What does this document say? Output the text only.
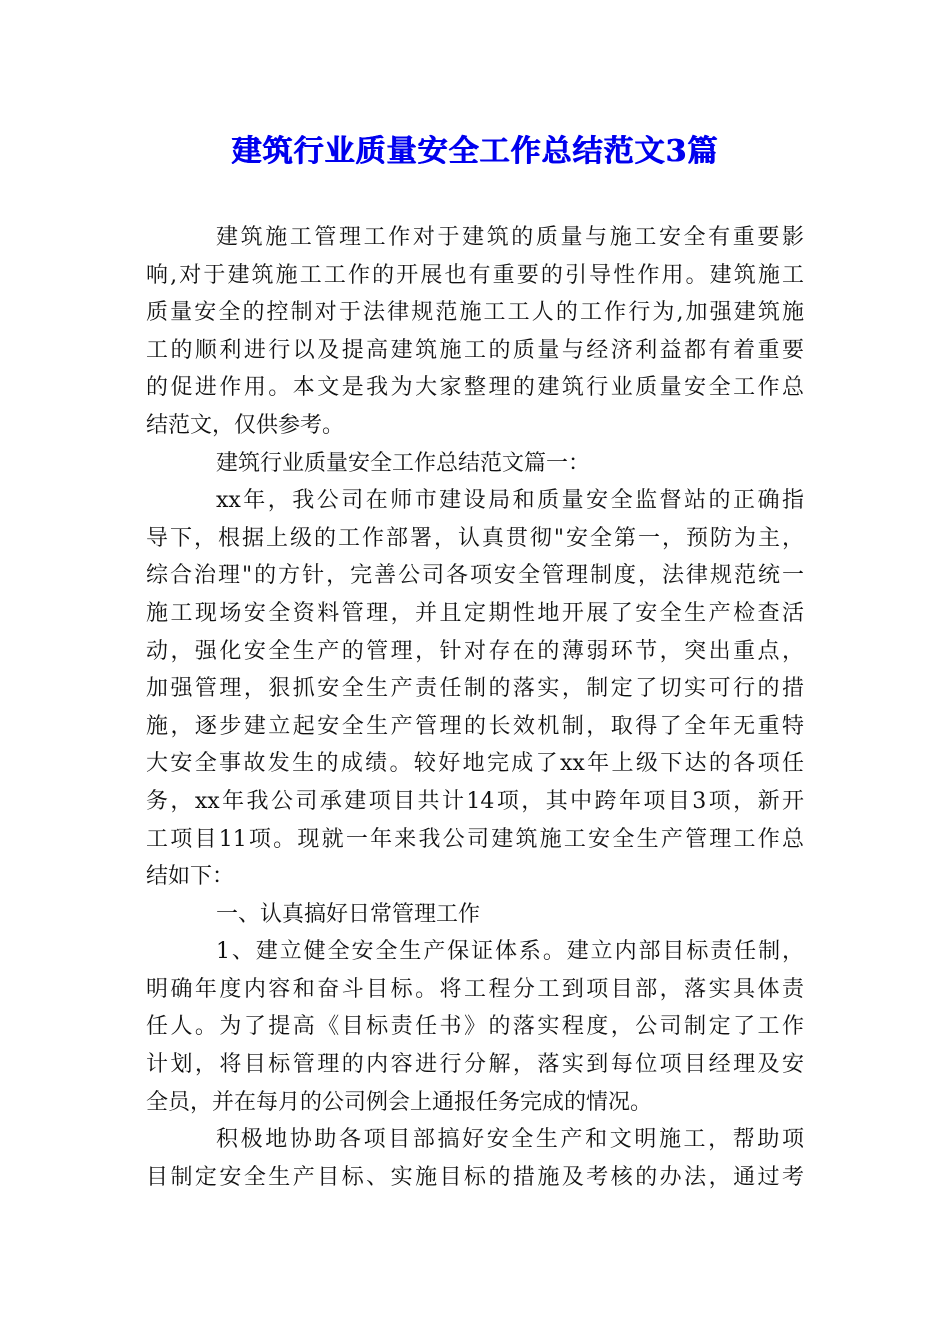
建筑行业质量安全工作总结范文3篇
建筑施工管理工作对于建筑的质量与施工安全有重要影
响,对于建筑施工工作的开展也有重要的引导性作用。建筑施工
质量安全的控制对于法律规范施工工人的工作行为,加强建筑施
工的顺利进行以及提高建筑施工的质量与经济利益都有着重要
的促进作用。本文是我为大家整理的建筑行业质量安全工作总
结范文，仅供参考。
建筑行业质量安全工作总结范文篇一：
xx年，我公司在师市建设局和质量安全监督站的正确指
导下，根据上级的工作部署，认真贯彻"安全第一，预防为主，
综合治理"的方针，完善公司各项安全管理制度，法律规范统一
施工现场安全资料管理，并且定期性地开展了安全生产检查活
动，强化安全生产的管理，针对存在的薄弱环节，突出重点，
加强管理，狠抓安全生产责任制的落实，制定了切实可行的措
施，逐步建立起安全生产管理的长效机制，取得了全年无重特
大安全事故发生的成绩。较好地完成了xx年上级下达的各项任
务，xx年我公司承建项目共计14项，其中跨年项目3项，新开
工项目11项。现就一年来我公司建筑施工安全生产管理工作总
结如下：
一、认真搞好日常管理工作
1、建立健全安全生产保证体系。建立内部目标责任制，
明确年度内容和奋斗目标。将工程分工到项目部，落实具体责
任人。为了提高《目标责任书》的落实程度，公司制定了工作
计划，将目标管理的内容进行分解，落实到每位项目经理及安
全员，并在每月的公司例会上通报任务完成的情况。
积极地协助各项目部搞好安全生产和文明施工，帮助项
目制定安全生产目标、实施目标的措施及考核的办法，通过考
